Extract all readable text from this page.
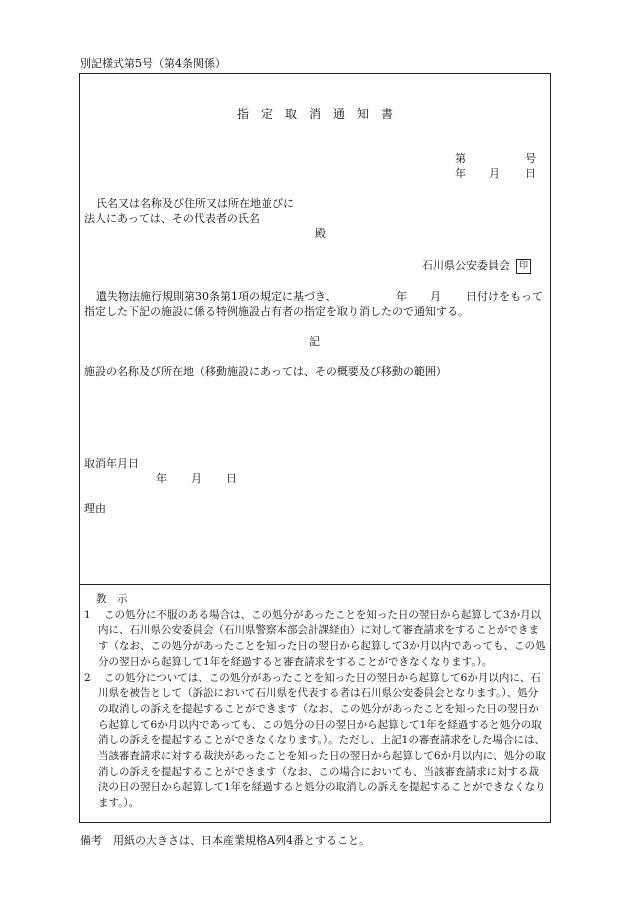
別記様式第5号（第4条関係）
指定取消通知書
第	号
年 月 日
氏名又は名称及び住所又は所在地並びに
法人にあっては、その代表者の氏名
殿
石川県公安委員会 印
遺失物法施行規則第30条第1項の規定に基づき、	年 月 日付けをもって
指定した下記の施設に係る特例施設占有者の指定を取り消したので通知する。
記
施設の名称及び所在地（移動施設にあっては、その概要及び移動の範囲）
取消年月日
年 月 日
理由
教　示
1 この処分に不服のある場合は、この処分があったことを知った日の翌日から起算して3か月以内に、石川県公安委員会（石川県警察本部会計課経由）に対して審査請求をすることができます（なお、この処分があったことを知った日の翌日から起算して3か月以内であっても、この処分の翌日から起算して1年を経過すると審査請求をすることができなくなります。）。
2 この処分については、この処分があったことを知った日の翌日から起算して6か月以内に、石川県を被告として（訴訟において石川県を代表する者は石川県公安委員会となります。）、処分の取消しの訴えを提起することができます（なお、この処分があったことを知った日の翌日から起算して6か月以内であっても、この処分の日の翌日から起算して1年を経過すると処分の取消しの訴えを提起することができなくなります。）。ただし、上記1の審査請求をした場合には、当該審査請求に対する裁決があったことを知った日の翌日から起算して6か月以内に、処分の取消しの訴えを提起することができます（なお、この場合においても、当該審査請求に対する裁決の日の翌日から起算して1年を経過すると処分の取消しの訴えを提起することができなくなります。）。
備考　用紙の大きさは、日本産業規格A列4番とすること。
